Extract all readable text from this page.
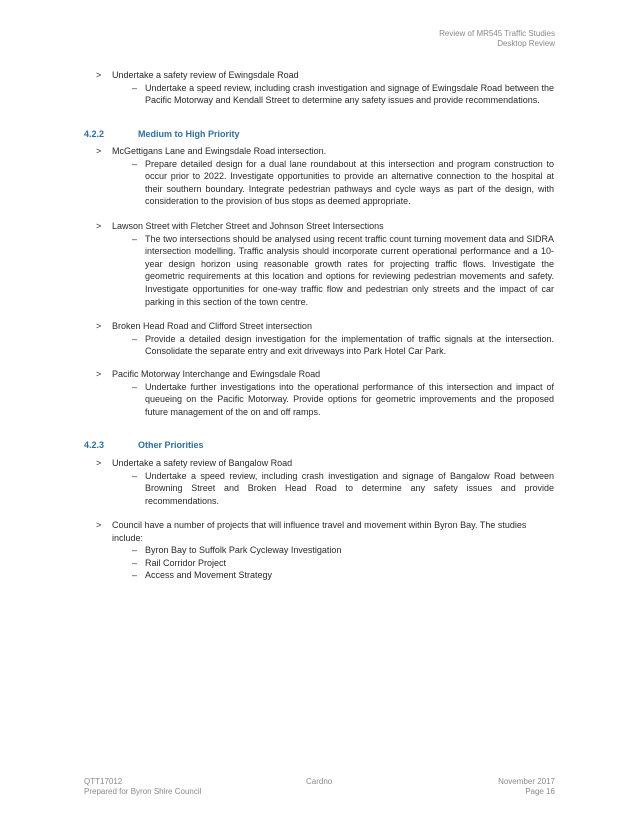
Review of MR545 Traffic Studies
Desktop Review
> Undertake a safety review of Ewingsdale Road
– Undertake a speed review, including crash investigation and signage of Ewingsdale Road between the Pacific Motorway and Kendall Street to determine any safety issues and provide recommendations.
4.2.2	Medium to High Priority
> McGettigans Lane and Ewingsdale Road intersection.
– Prepare detailed design for a dual lane roundabout at this intersection and program construction to occur prior to 2022. Investigate opportunities to provide an alternative connection to the hospital at their southern boundary. Integrate pedestrian pathways and cycle ways as part of the design, with consideration to the provision of bus stops as deemed appropriate.
> Lawson Street with Fletcher Street and Johnson Street Intersections
– The two intersections should be analysed using recent traffic count turning movement data and SIDRA intersection modelling. Traffic analysis should incorporate current operational performance and a 10-year design horizon using reasonable growth rates for projecting traffic flows. Investigate the geometric requirements at this location and options for reviewing pedestrian movements and safety. Investigate opportunities for one-way traffic flow and pedestrian only streets and the impact of car parking in this section of the town centre.
> Broken Head Road and Clifford Street intersection
– Provide a detailed design investigation for the implementation of traffic signals at the intersection. Consolidate the separate entry and exit driveways into Park Hotel Car Park.
> Pacific Motorway Interchange and Ewingsdale Road
– Undertake further investigations into the operational performance of this intersection and impact of queueing on the Pacific Motorway. Provide options for geometric improvements and the proposed future management of the on and off ramps.
4.2.3	Other Priorities
> Undertake a safety review of Bangalow Road
– Undertake a speed review, including crash investigation and signage of Bangalow Road between Browning Street and Broken Head Road to determine any safety issues and provide recommendations.
> Council have a number of projects that will influence travel and movement within Byron Bay. The studies include:
– Byron Bay to Suffolk Park Cycleway Investigation
– Rail Corridor Project
– Access and Movement Strategy
QTT17012
Prepared for Byron Shire Council
Cardno	November 2017
Page 16
